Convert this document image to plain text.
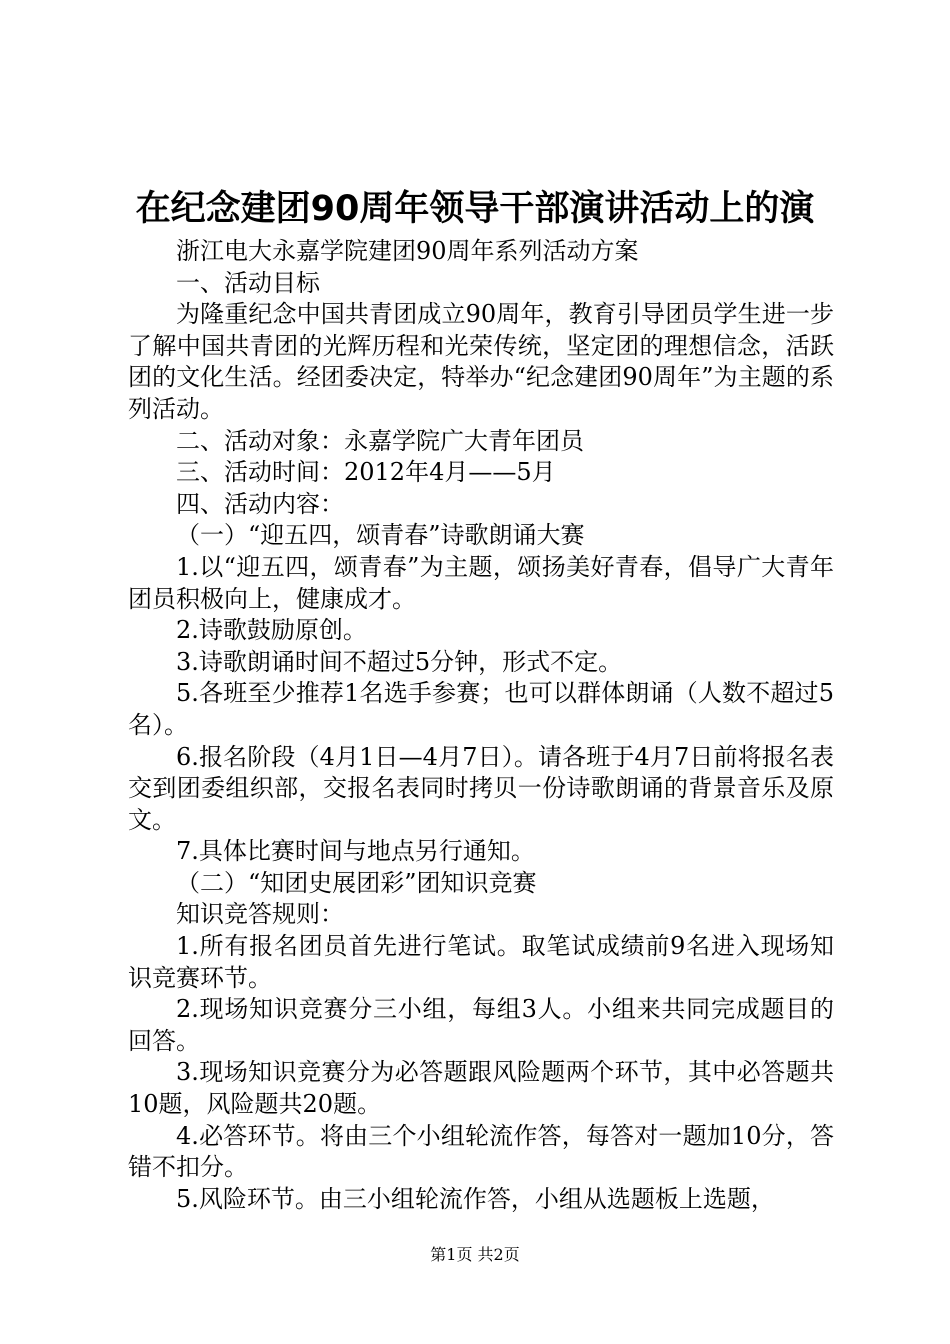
在纪念建团90周年领导干部演讲活动上的演

浙江电大永嘉学院建团90周年系列活动方案

一、活动目标

为隆重纪念中国共青团成立90周年，教育引导团员学生进一步了解中国共青团的光辉历程和光荣传统，坚定团的理想信念，活跃团的文化生活。经团委决定，特举办“纪念建团90周年”为主题的系列活动。

二、活动对象：永嘉学院广大青年团员

三、活动时间：2012年4月——5月

四、活动内容：

（一）“迎五四，颂青春”诗歌朗诵大赛

1.以“迎五四，颂青春”为主题，颂扬美好青春，倡导广大青年团员积极向上，健康成才。

2.诗歌鼓励原创。

3.诗歌朗诵时间不超过5分钟，形式不定。

5.各班至少推荐1名选手参赛；也可以群体朗诵（人数不超过5名）。

6.报名阶段（4月1日—4月7日）。请各班于4月7日前将报名表交到团委组织部，交报名表同时拷贝一份诗歌朗诵的背景音乐及原文。

7.具体比赛时间与地点另行通知。

（二）“知团史展团彩”团知识竞赛

知识竞答规则：

1.所有报名团员首先进行笔试。取笔试成绩前9名进入现场知识竞赛环节。

2.现场知识竞赛分三小组，每组3人。小组来共同完成题目的回答。

3.现场知识竞赛分为必答题跟风险题两个环节，其中必答题共10题，风险题共20题。

4.必答环节。将由三个小组轮流作答，每答对一题加10分，答错不扣分。

5.风险环节。由三小组轮流作答，小组从选题板上选题，

第1页 共2页
